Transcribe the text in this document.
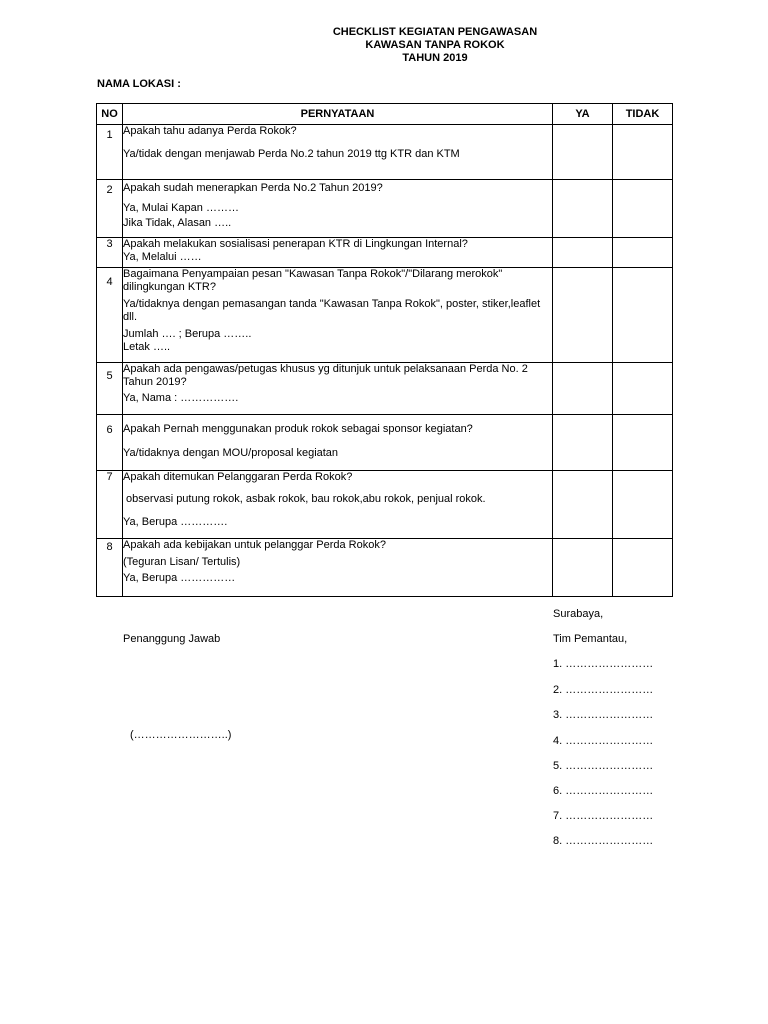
CHECKLIST KEGIATAN PENGAWASAN
KAWASAN TANPA ROKOK
TAHUN 2019
NAMA LOKASI :
NO	PERNYATAAN	YA	TIDAK

1	Apakah tahu adanya Perda Rokok?
Ya/tidak dengan menjawab Perda No.2 tahun 2019 ttg KTR dan KTM		

2	Apakah sudah menerapkan Perda No.2 Tahun 2019?
Ya, Mulai Kapan ………
Jika Tidak, Alasan …..		

3	Apakah melakukan sosialisasi penerapan KTR di Lingkungan Internal?
Ya, Melalui ……		

4	Bagaimana Penyampaian pesan "Kawasan Tanpa Rokok"/"Dilarang merokok" dilingkungan KTR?
Ya/tidaknya dengan pemasangan tanda "Kawasan Tanpa Rokok", poster, stiker,leaflet dll.
Jumlah …. ; Berupa ……..
Letak …..		

5	Apakah ada pengawas/petugas khusus yg ditunjuk untuk pelaksanaan Perda No. 2 Tahun 2019?
Ya, Nama : …………….		

6	Apakah Pernah menggunakan produk rokok sebagai sponsor kegiatan?
Ya/tidaknya dengan MOU/proposal kegiatan		

7	Apakah ditemukan Pelanggaran Perda Rokok?
observasi putung rokok, asbak rokok, bau rokok,abu rokok, penjual rokok.
Ya, Berupa ………….		

8	Apakah ada kebijakan untuk pelanggar Perda Rokok?
(Teguran Lisan/ Tertulis)
Ya, Berupa ……………		

Surabaya,
Penanggung Jawab	Tim Pemantau,
(……………………..)
1. ……………………
2. ……………………
3. ……………………
4. ……………………
5. ……………………
6. ……………………
7. ……………………
8. ……………………
